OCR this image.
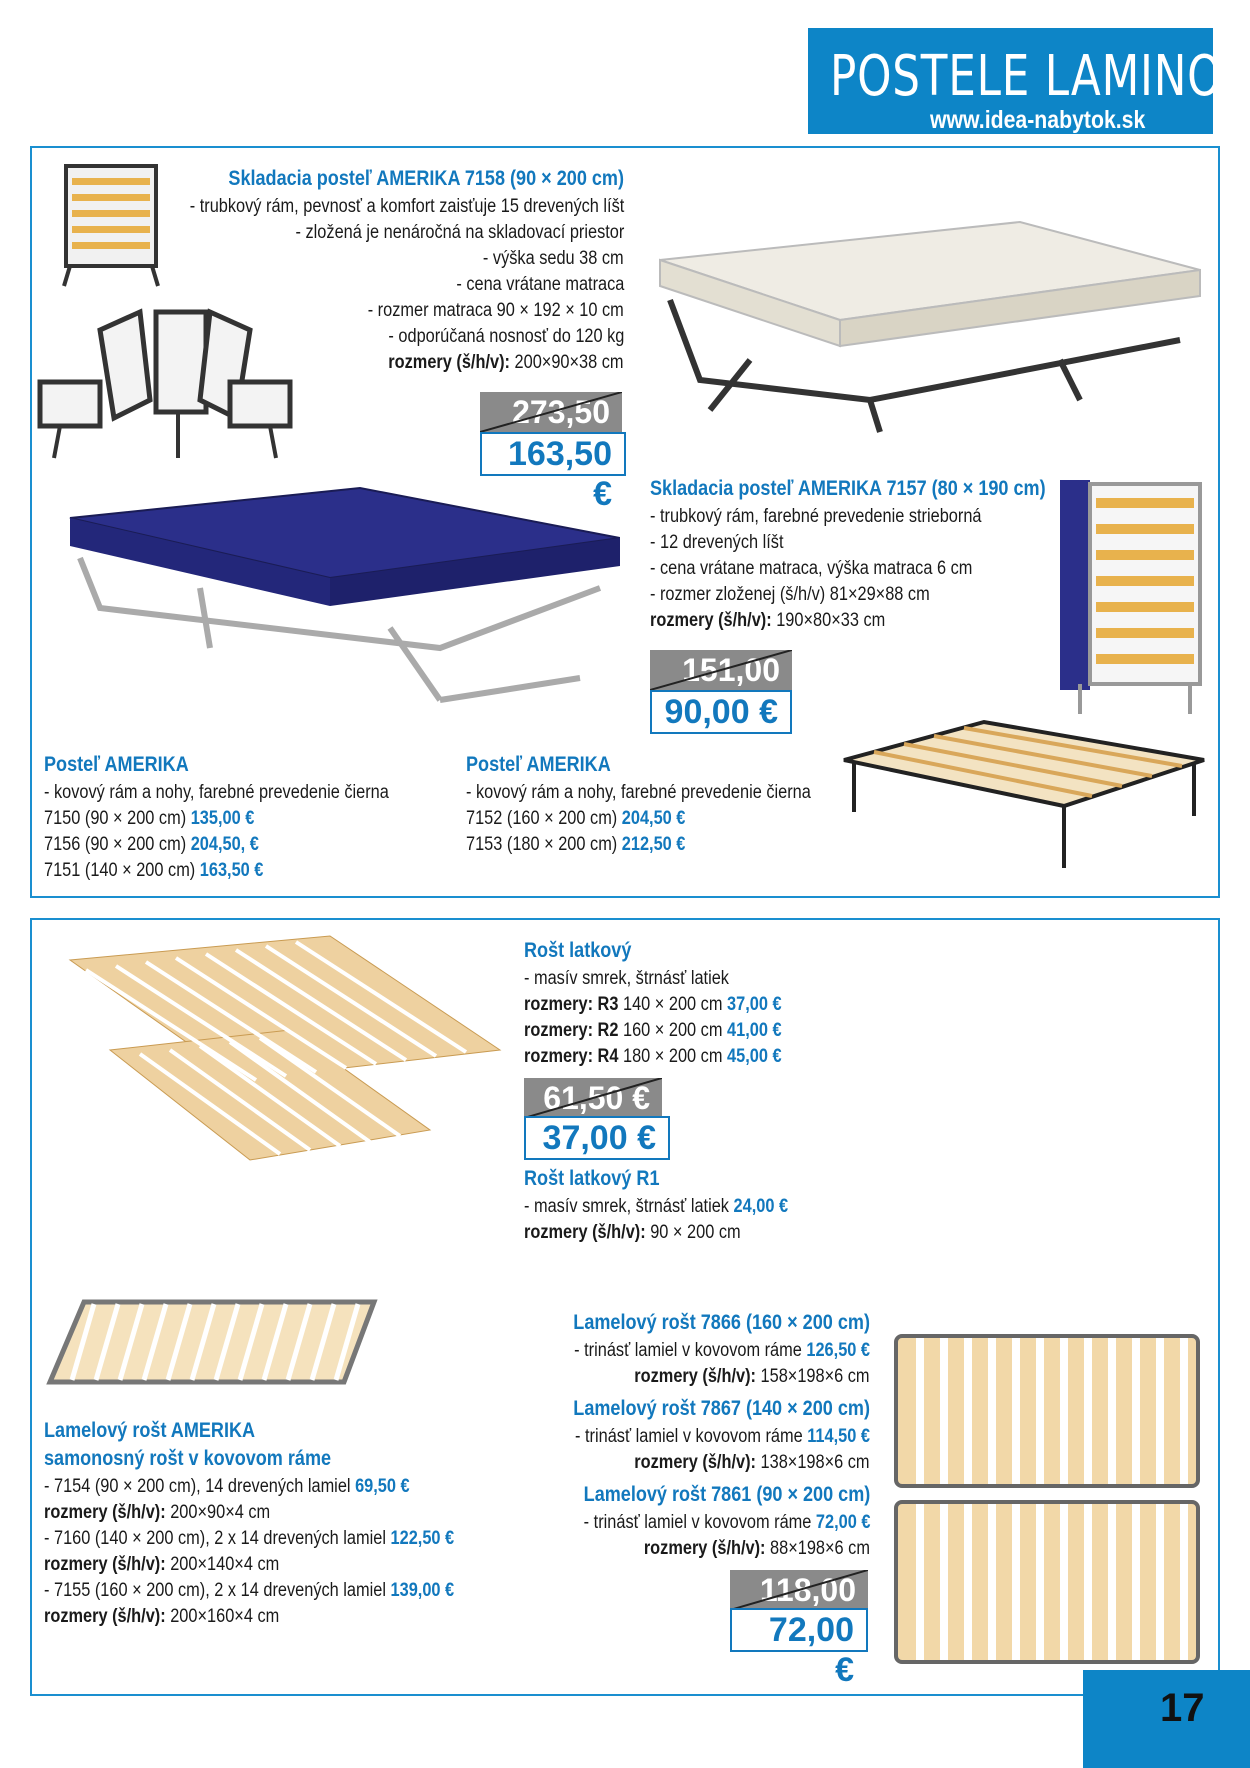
POSTELE LAMINO
www.idea-nabytok.sk
Skladacia posteľ AMERIKA 7158 (90 × 200 cm)
- trubkový rám, pevnosť a komfort zaisťuje 15 drevených líšt
- zložená je nenáročná na skladovací priestor
- výška sedu 38 cm
- cena vrátane matraca
- rozmer matraca 90 × 192 × 10 cm
- odporúčaná nosnosť do 120 kg
rozmery (š/h/v): 200×90×38 cm
273,50
163,50 €	Skladacia posteľ AMERIKA 7157 (80 × 190 cm)
- trubkový rám, farebné prevedenie strieborná
- 12 drevených líšt
- cena vrátane matraca, výška matraca 6 cm
- rozmer zloženej (š/h/v) 81×29×88 cm
rozmery (š/h/v): 190×80×33 cm
151,00
90,00 €
Posteľ AMERIKA
- kovový rám a nohy, farebné prevedenie čierna
7150 (90 × 200 cm) 135,00 €
7156 (90 × 200 cm) 204,50, €
7151 (140 × 200 cm) 163,50 €
Posteľ AMERIKA
- kovový rám a nohy, farebné prevedenie čierna
7152 (160 × 200 cm) 204,50 €
7153 (180 × 200 cm) 212,50 €
Rošt latkový
- masív smrek, štrnásť latiek
rozmery: R3 140 × 200 cm 37,00 €
rozmery: R2 160 × 200 cm 41,00 €
rozmery: R4 180 × 200 cm 45,00 €
61,50 €
37,00 €
Rošt latkový R1
- masív smrek, štrnásť latiek 24,00 €
rozmery (š/h/v): 90 × 200 cm
Lamelový rošt AMERIKA
samonosný rošt v kovovom ráme
- 7154 (90 × 200 cm), 14 drevených lamiel 69,50 €
rozmery (š/h/v): 200×90×4 cm
- 7160 (140 × 200 cm), 2 x 14 drevených lamiel 122,50 €
rozmery (š/h/v): 200×140×4 cm
- 7155 (160 × 200 cm), 2 x 14 drevených lamiel 139,00 €
rozmery (š/h/v): 200×160×4 cm
Lamelový rošt 7866 (160 × 200 cm)
- trinásť lamiel v kovovom ráme 126,50 €
rozmery (š/h/v): 158×198×6 cm
Lamelový rošt 7867 (140 × 200 cm)
- trinásť lamiel v kovovom ráme 114,50 €
rozmery (š/h/v): 138×198×6 cm
Lamelový rošt 7861 (90 × 200 cm)
- trinásť lamiel v kovovom ráme 72,00 €
rozmery (š/h/v): 88×198×6 cm
118,00
72,00 €
17
